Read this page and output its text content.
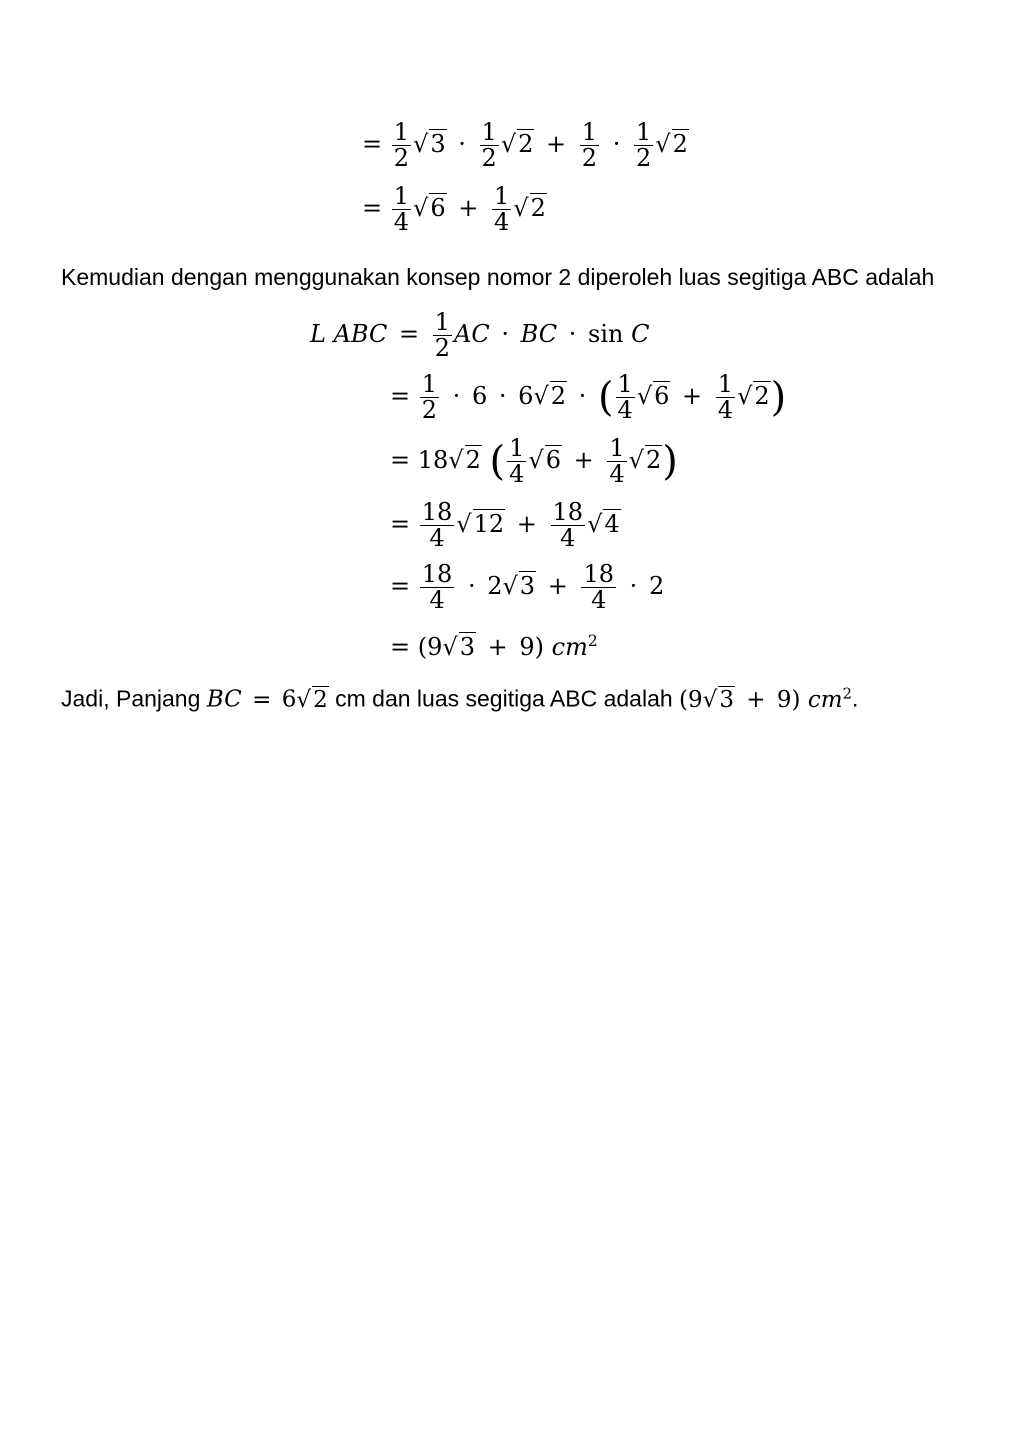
= $\frac{1}{2} √3 \cdot \frac{1}{2} √2 + \frac{1}{2} \cdot \frac{1}{2} √2$
= $\frac{1}{4} √6 + \frac{1}{4} √2$
Kemudian dengan menggunakan konsep nomor 2 diperoleh luas segitiga ABC adalah
L ABC = $\frac{1}{2}$ AC · BC · sin C
= $\frac{1}{2} \cdot 6 \cdot 6√2$ · ( $\frac{1}{4} √6 + \frac{1}{4} √2$)
= 18√2 ( $\frac{1}{4} √6 + \frac{1}{4} √2$)
= $\frac{18}{4} √12 + \frac{18}{4} √4$
= $\frac{18}{4} \cdot 2√3 + \frac{18}{4} \cdot 2$
= (9√3 + 9) $cm^2$
Jadi, Panjang BC = 6√2 cm dan luas segitiga ABC adalah (9√3 + 9) $cm^2$.
